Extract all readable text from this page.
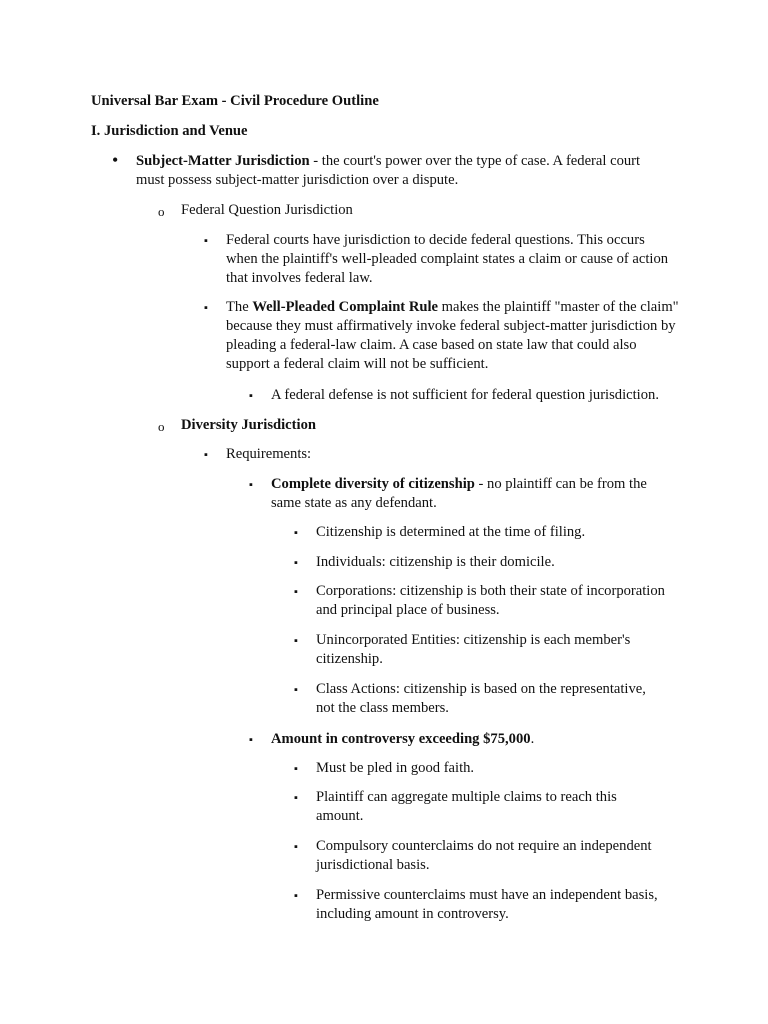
Universal Bar Exam - Civil Procedure Outline
I. Jurisdiction and Venue
• Subject-Matter Jurisdiction - the court's power over the type of case. A federal court must possess subject-matter jurisdiction over a dispute.
o Federal Question Jurisdiction
▪ Federal courts have jurisdiction to decide federal questions. This occurs when the plaintiff's well-pleaded complaint states a claim or cause of action that involves federal law.
▪ The Well-Pleaded Complaint Rule makes the plaintiff "master of the claim" because they must affirmatively invoke federal subject-matter jurisdiction by pleading a federal-law claim. A case based on state law that could also support a federal claim will not be sufficient.
▪ A federal defense is not sufficient for federal question jurisdiction.
o Diversity Jurisdiction
▪ Requirements:
▪ Complete diversity of citizenship - no plaintiff can be from the same state as any defendant.
▪ Citizenship is determined at the time of filing.
▪ Individuals: citizenship is their domicile.
▪ Corporations: citizenship is both their state of incorporation and principal place of business.
▪ Unincorporated Entities: citizenship is each member's citizenship.
▪ Class Actions: citizenship is based on the representative, not the class members.
▪ Amount in controversy exceeding $75,000.
▪ Must be pled in good faith.
▪ Plaintiff can aggregate multiple claims to reach this amount.
▪ Compulsory counterclaims do not require an independent jurisdictional basis.
▪ Permissive counterclaims must have an independent basis, including amount in controversy.
